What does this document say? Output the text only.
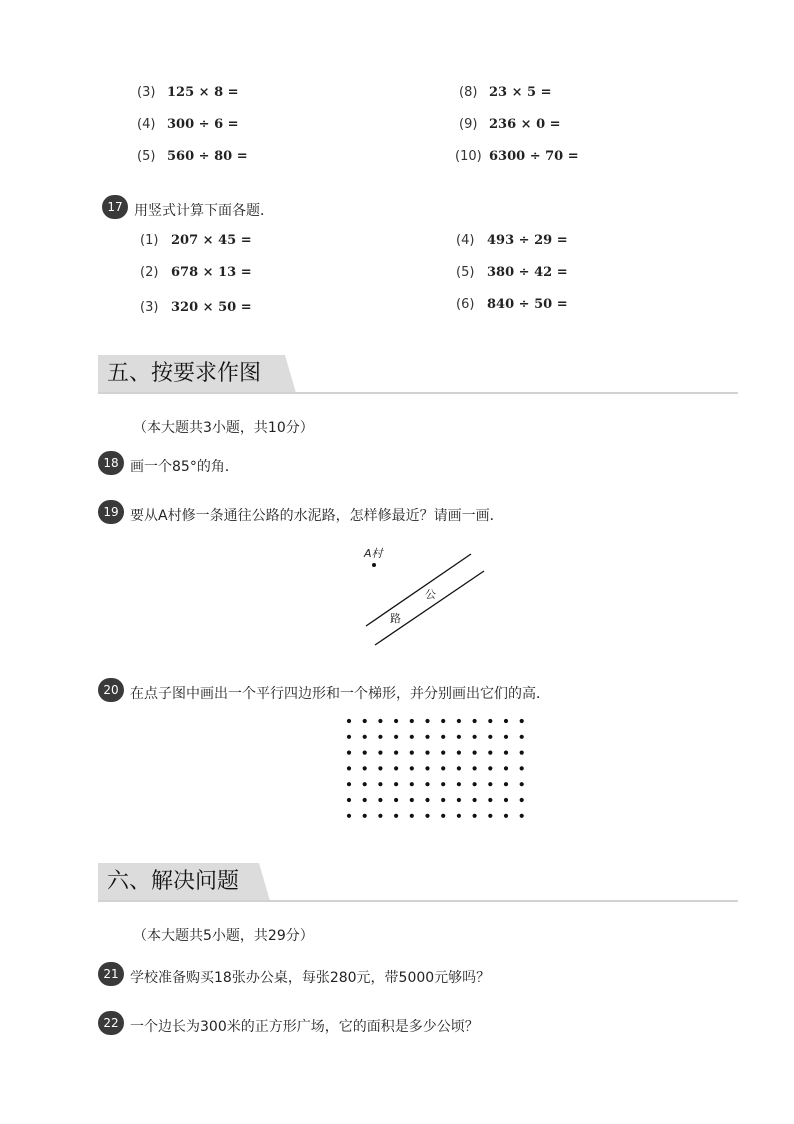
(3) 125 × 8 =	(8) 23 × 5 =
(4) 300 ÷ 6 =	(9) 236 × 0 =
(5) 560 ÷ 80 =	(10) 6300 ÷ 70 =
17 用竖式计算下面各题．
(1) 207 × 45 =	(4) 493 ÷ 29 =
(2) 678 × 13 =	(5) 380 ÷ 42 =
(3) 320 × 50 =	(6) 840 ÷ 50 =
五、按要求作图
（本大题共3小题，共10分）
18 画一个85°的角．
19 要从A村修一条通往公路的水泥路，怎样修最近？请画一画．
A村
公
路
20 在点子图中画出一个平行四边形和一个梯形，并分别画出它们的高．
六、解决问题
（本大题共5小题，共29分）
21 学校准备购买18张办公桌，每张280元，带5000元够吗？
22 一个边长为300米的正方形广场，它的面积是多少公顷？
